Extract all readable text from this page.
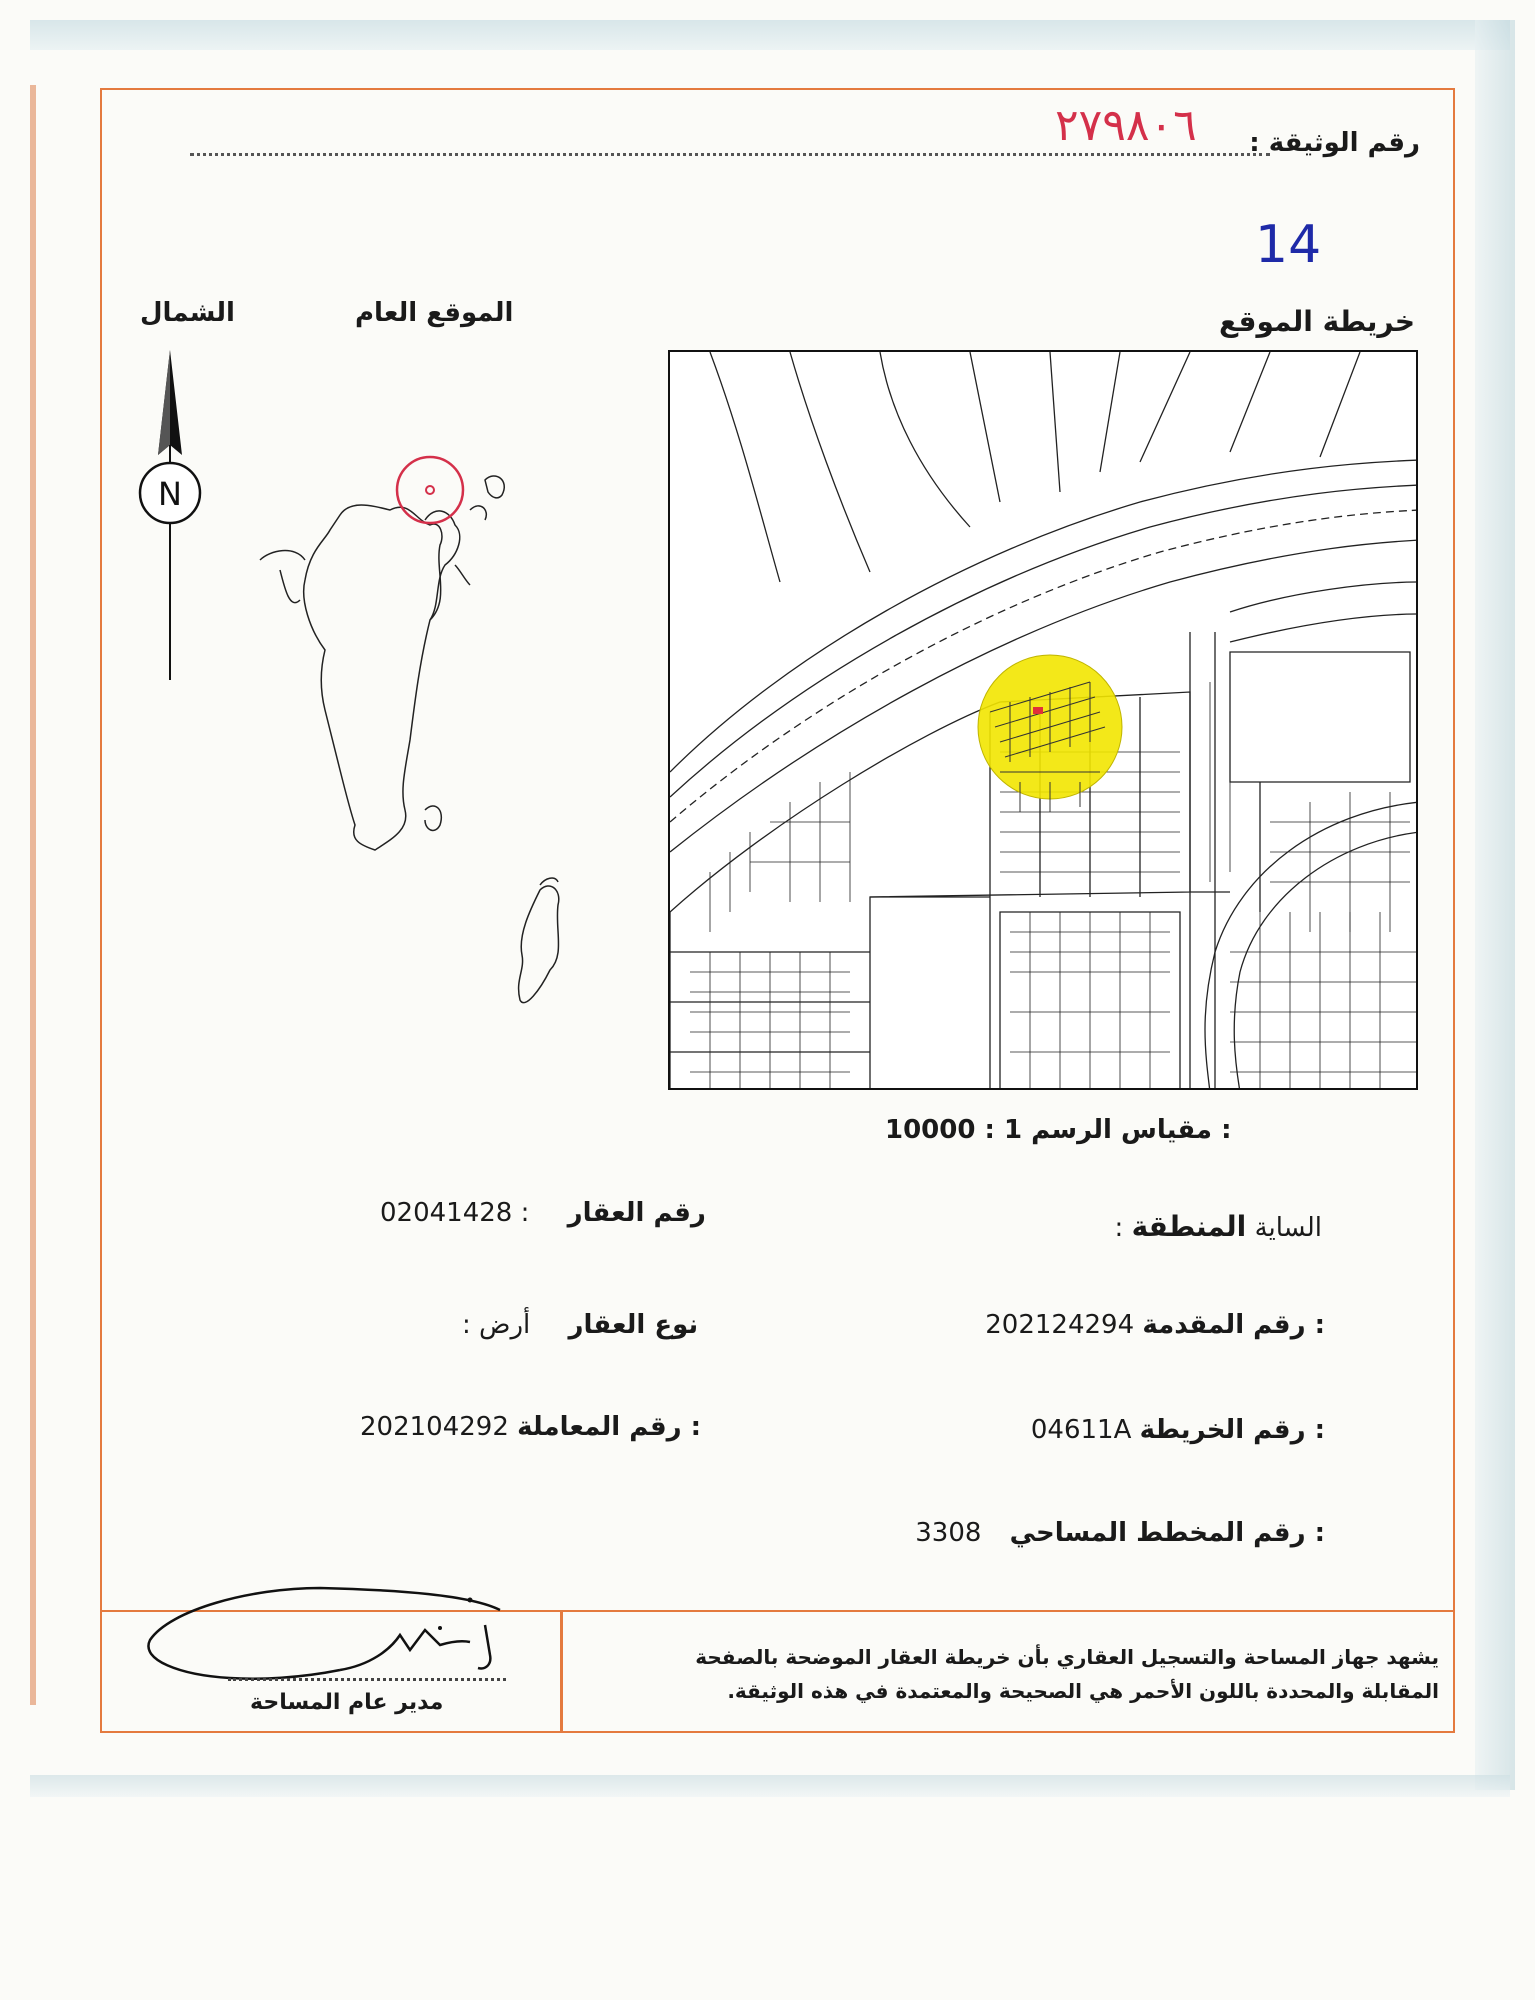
رقم الوثيقة :
٢٧٩٨٠٦
14
خريطة الموقع
الموقع العام
الشمال
N
10000 : 1 مقياس الرسم :
: الساية المنطقة
02041428 : رقم العقار
202124294 رقم المقدمة :
نوع العقار أرض :
04611A رقم الخريطة :
202104292 رقم المعاملة :
3308 رقم المخطط المساحي :
يشهد جهاز المساحة والتسجيل العقاري بأن خريطة العقار الموضحة بالصفحة
المقابلة والمحددة باللون الأحمر هي الصحيحة والمعتمدة في هذه الوثيقة.
مدير عام المساحة
